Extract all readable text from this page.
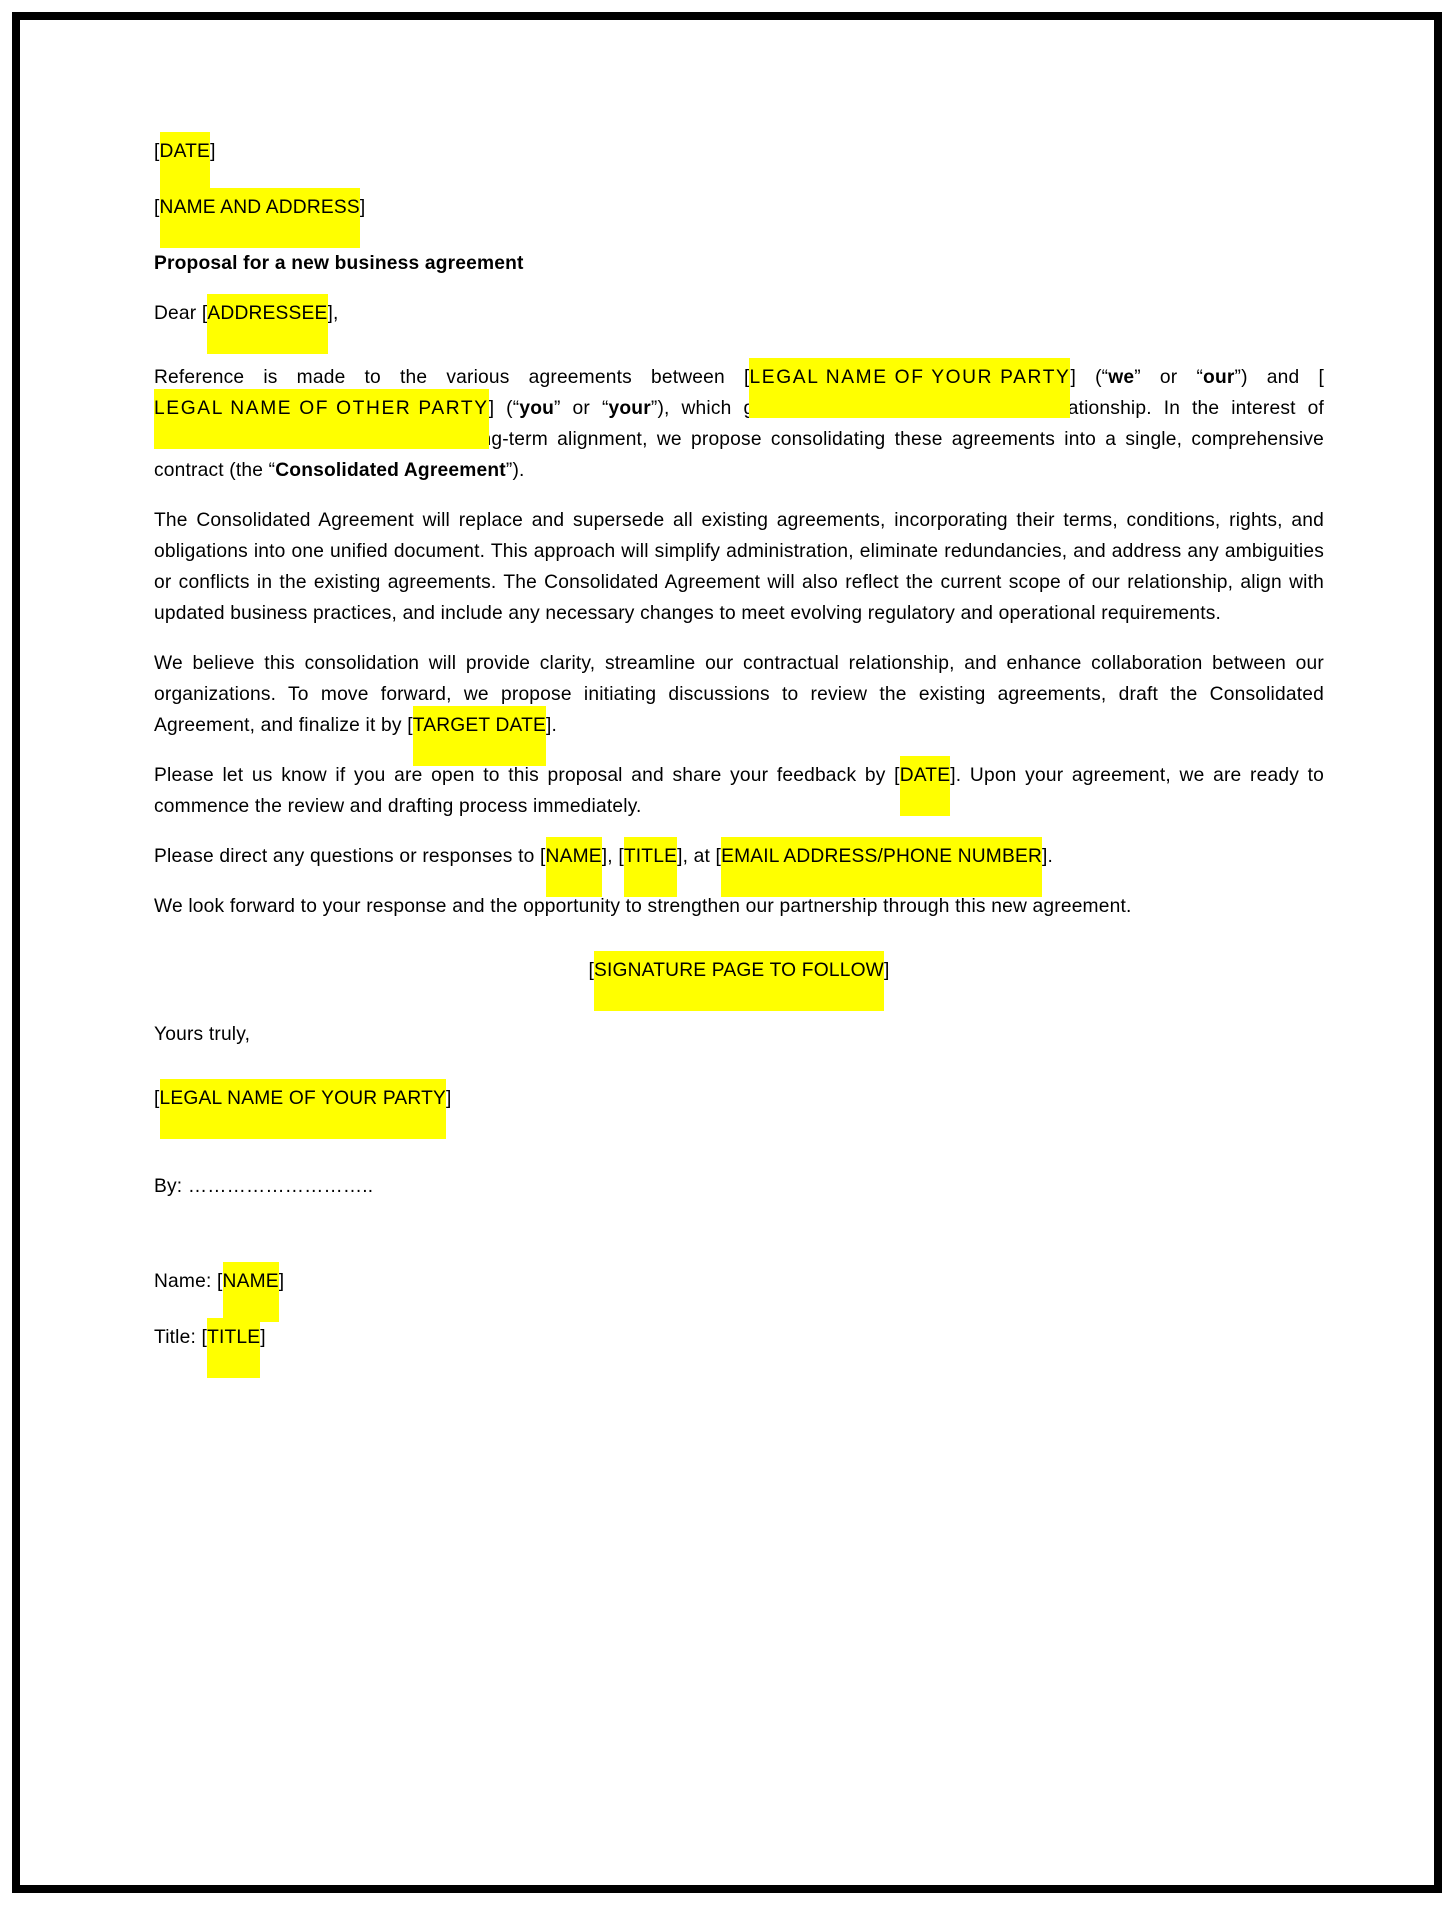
[DATE]

[NAME AND ADDRESS]

Proposal for a new business agreement

Dear [ADDRESSEE],

Reference is made to the various agreements between [LEGAL NAME OF YOUR PARTY] (“we” or “our”) and [LEGAL NAME OF OTHER PARTY] (“you” or “your”), which govern different aspects of our relationship. In the interest of improving efficiency and ensuring long-term alignment, we propose consolidating these agreements into a single, comprehensive contract (the “Consolidated Agreement”).

The Consolidated Agreement will replace and supersede all existing agreements, incorporating their terms, conditions, rights, and obligations into one unified document. This approach will simplify administration, eliminate redundancies, and address any ambiguities or conflicts in the existing agreements. The Consolidated Agreement will also reflect the current scope of our relationship, align with updated business practices, and include any necessary changes to meet evolving regulatory and operational requirements.

We believe this consolidation will provide clarity, streamline our contractual relationship, and enhance collaboration between our organizations. To move forward, we propose initiating discussions to review the existing agreements, draft the Consolidated Agreement, and finalize it by [TARGET DATE].

Please let us know if you are open to this proposal and share your feedback by [DATE]. Upon your agreement, we are ready to commence the review and drafting process immediately.

Please direct any questions or responses to [NAME], [TITLE], at [EMAIL ADDRESS/PHONE NUMBER].

We look forward to your response and the opportunity to strengthen our partnership through this new agreement.

[SIGNATURE PAGE TO FOLLOW]

Yours truly,

[LEGAL NAME OF YOUR PARTY]

By: ………………………..

Name: [NAME]

Title: [TITLE]
